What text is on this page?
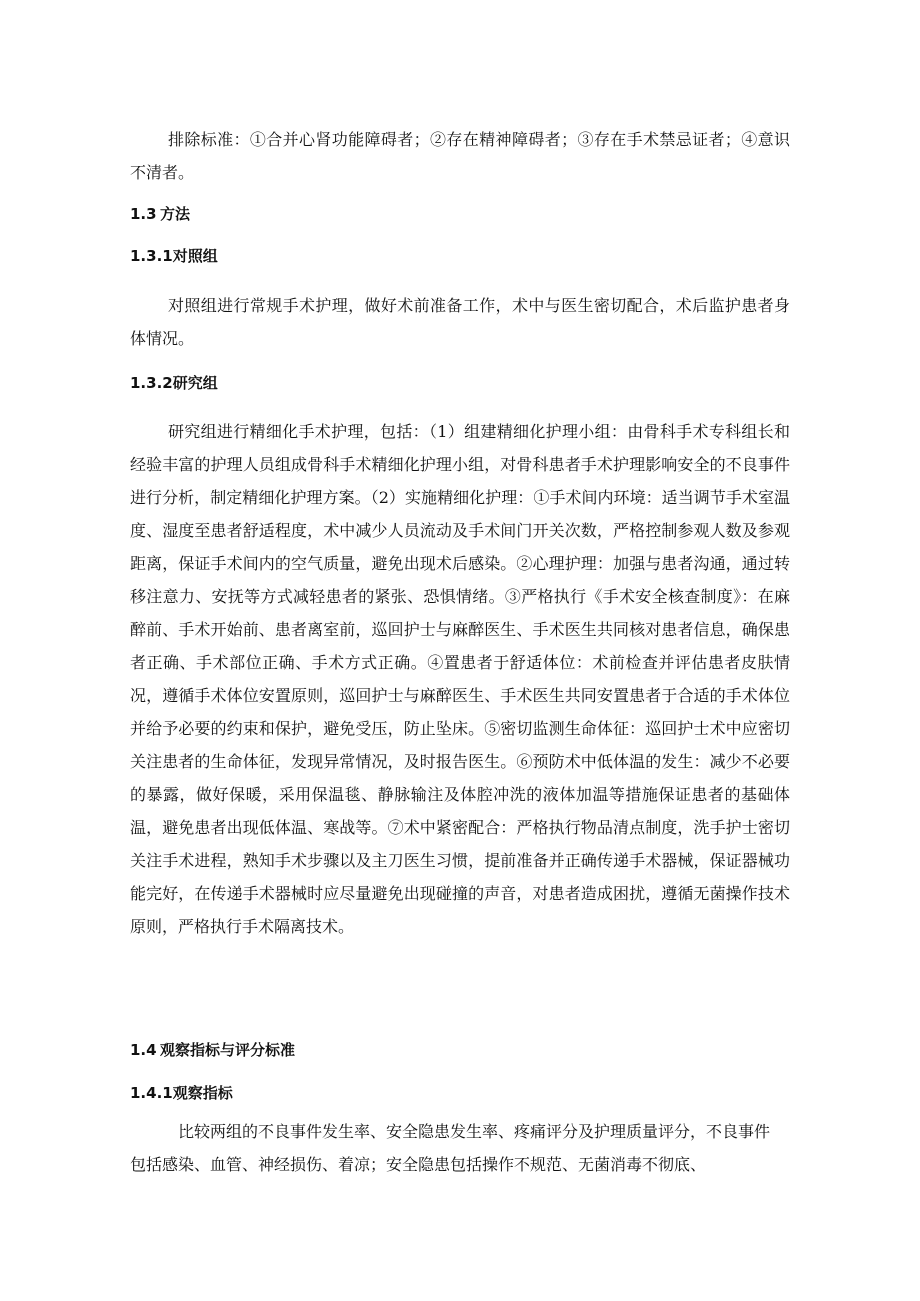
排除标准：①合并心肾功能障碍者；②存在精神障碍者；③存在手术禁忌证者；④意识不清者。

1.3 方法
1.3.1对照组

对照组进行常规手术护理，做好术前准备工作，术中与医生密切配合，术后监护患者身体情况。

1.3.2研究组

研究组进行精细化手术护理，包括：（1）组建精细化护理小组：由骨科手术专科组长和经验丰富的护理人员组成骨科手术精细化护理小组，对骨科患者手术护理影响安全的不良事件进行分析，制定精细化护理方案。（2）实施精细化护理：①手术间内环境：适当调节手术室温度、湿度至患者舒适程度，术中减少人员流动及手术间门开关次数，严格控制参观人数及参观距离，保证手术间内的空气质量，避免出现术后感染。②心理护理：加强与患者沟通，通过转移注意力、安抚等方式减轻患者的紧张、恐惧情绪。③严格执行《手术安全核查制度》：在麻醉前、手术开始前、患者离室前，巡回护士与麻醉医生、手术医生共同核对患者信息，确保患者正确、手术部位正确、手术方式正确。④置患者于舒适体位：术前检查并评估患者皮肤情况，遵循手术体位安置原则，巡回护士与麻醉医生、手术医生共同安置患者于合适的手术体位并给予必要的约束和保护，避免受压，防止坠床。⑤密切监测生命体征：巡回护士术中应密切关注患者的生命体征，发现异常情况，及时报告医生。⑥预防术中低体温的发生：减少不必要的暴露，做好保暖，采用保温毯、静脉输注及体腔冲洗的液体加温等措施保证患者的基础体温，避免患者出现低体温、寒战等。⑦术中紧密配合：严格执行物品清点制度，洗手护士密切关注手术进程，熟知手术步骤以及主刀医生习惯，提前准备并正确传递手术器械，保证器械功能完好，在传递手术器械时应尽量避免出现碰撞的声音，对患者造成困扰，遵循无菌操作技术原则，严格执行手术隔离技术。

1.4 观察指标与评分标准
1.4.1观察指标

比较两组的不良事件发生率、安全隐患发生率、疼痛评分及护理质量评分，不良事件包括感染、血管、神经损伤、着凉；安全隐患包括操作不规范、无菌消毒不彻底、
